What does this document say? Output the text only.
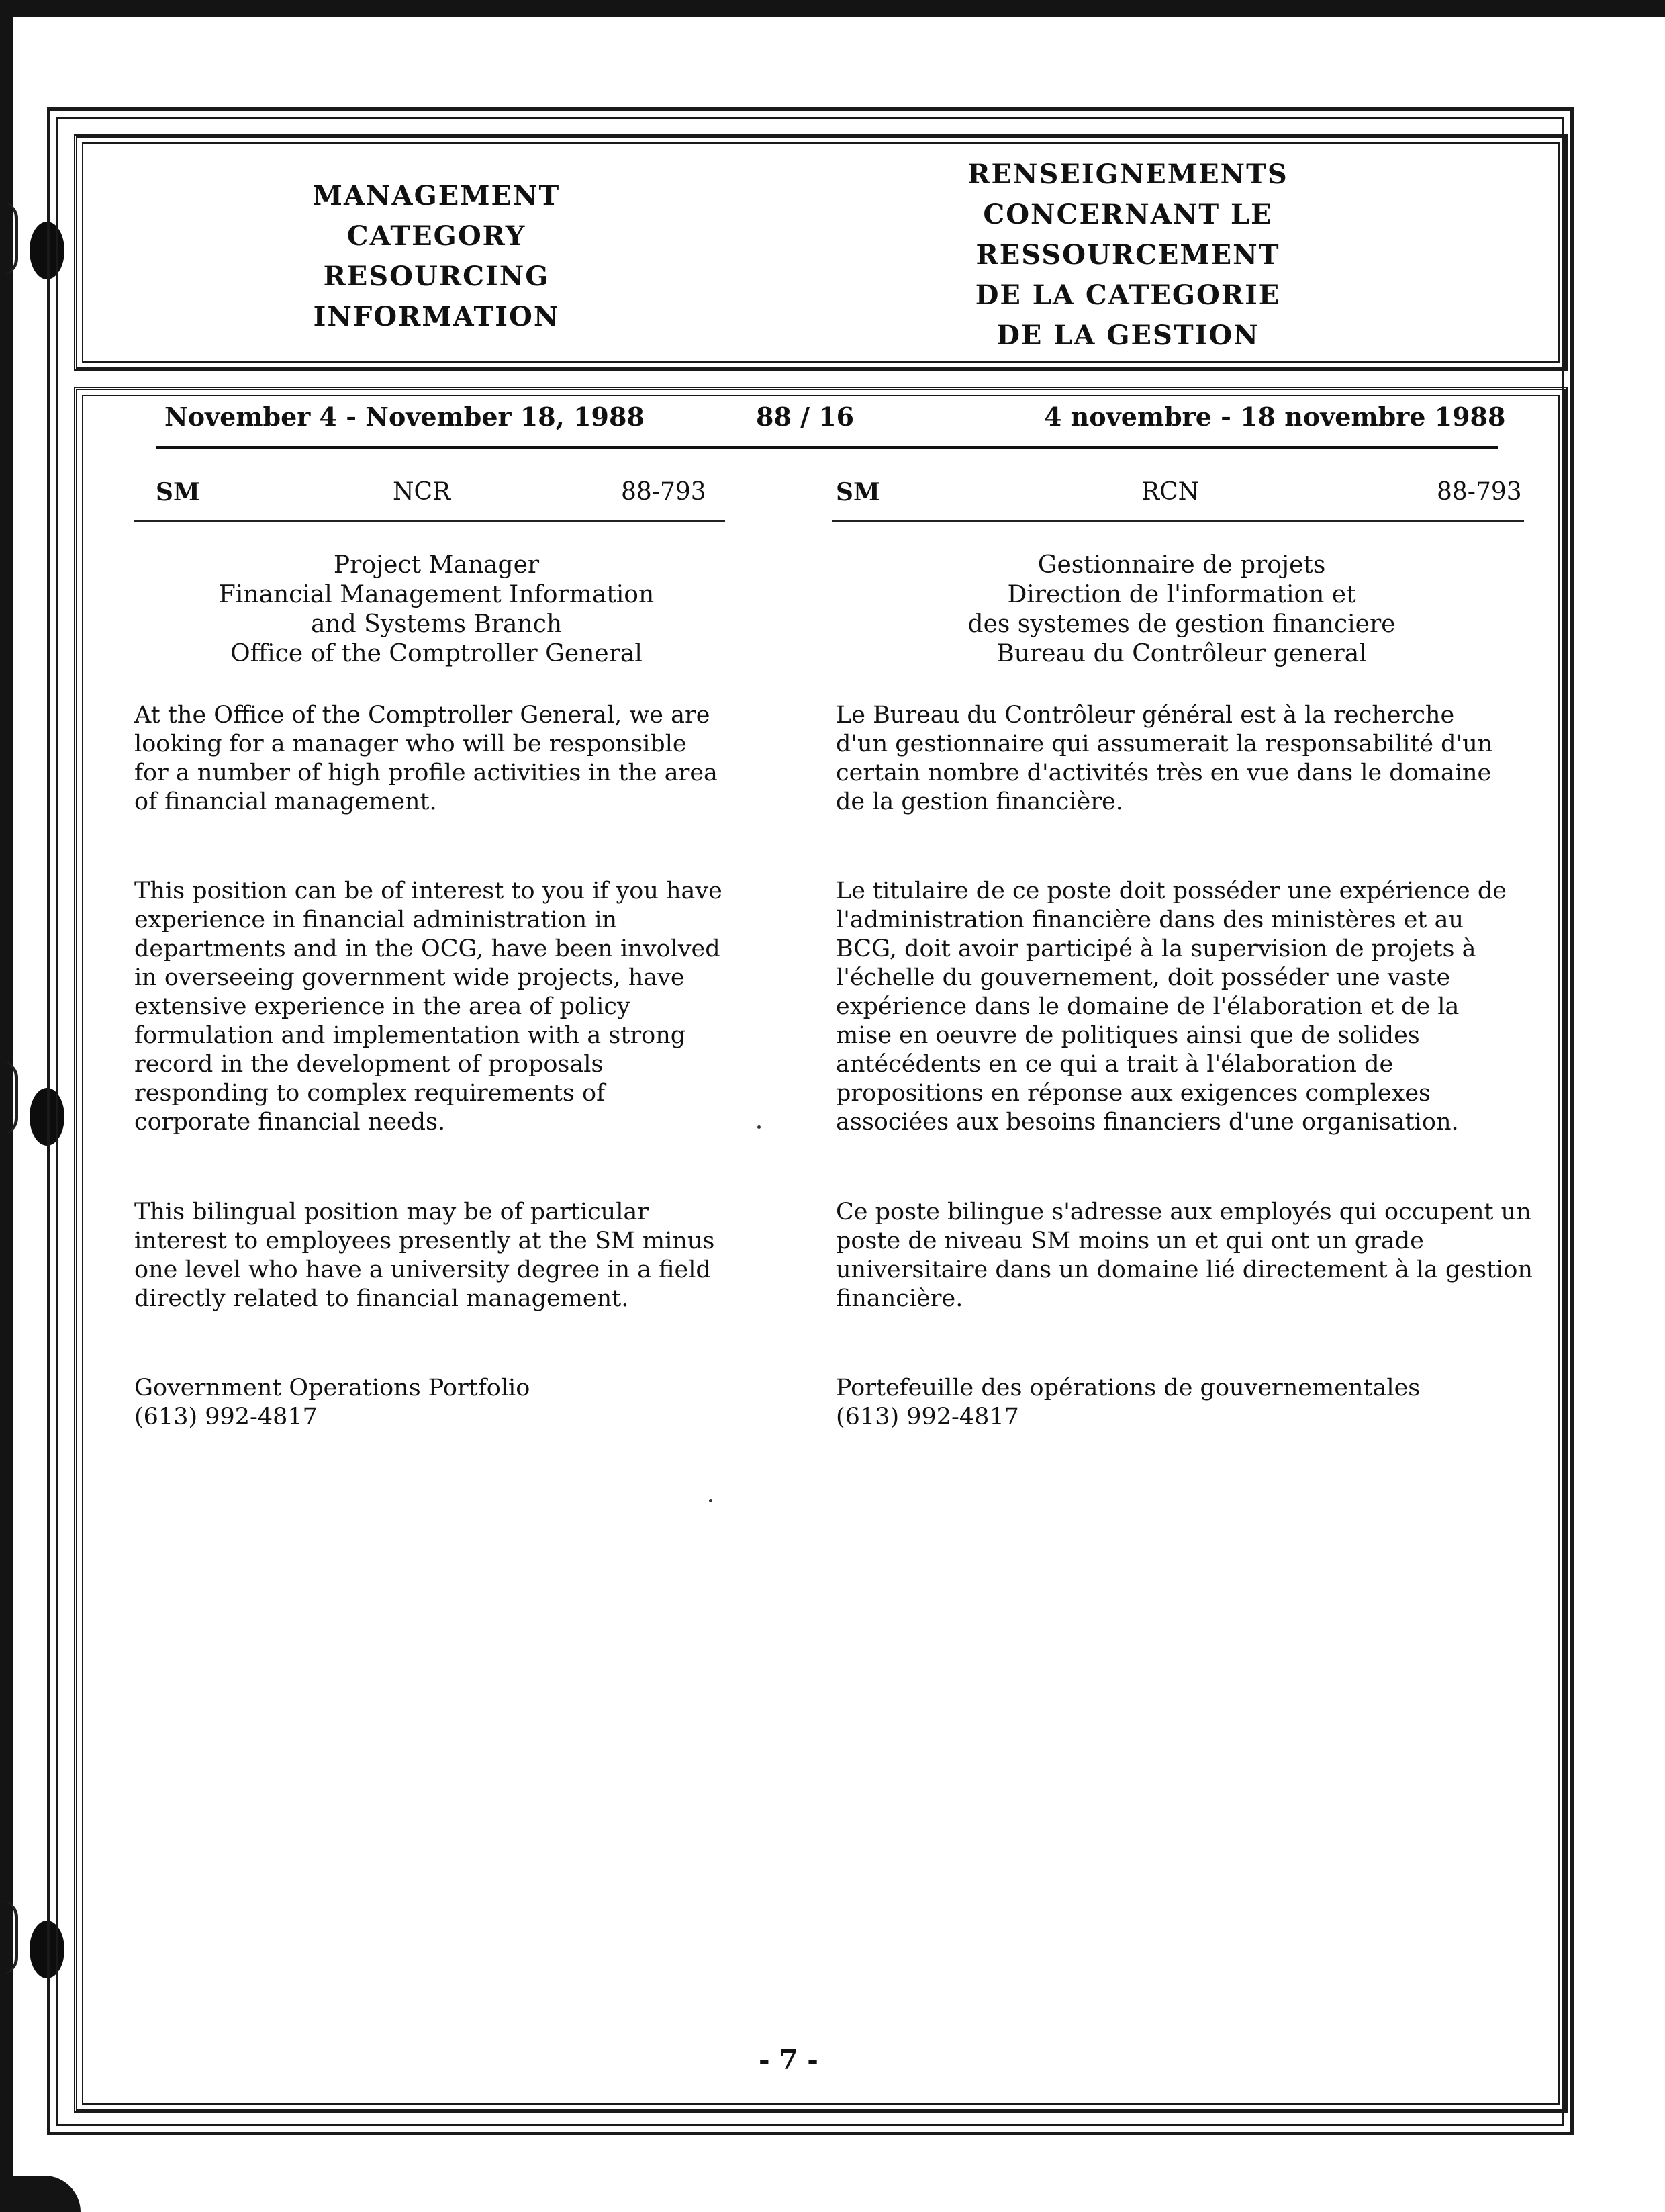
MANAGEMENT
CATEGORY
RESOURCING
INFORMATION
RENSEIGNEMENTS
CONCERNANT LE
RESSOURCEMENT
DE LA CATEGORIE
DE LA GESTION
November 4 - November 18, 1988	88 / 16	4 novembre - 18 novembre 1988
SM	NCR	88-793
Project Manager
Financial Management Information
and Systems Branch
Office of the Comptroller General
At the Office of the Comptroller General, we are looking for a manager who will be responsible for a number of high profile activities in the area of financial management.
This position can be of interest to you if you have experience in financial administration in departments and in the OCG, have been involved in overseeing government wide projects, have extensive experience in the area of policy formulation and implementation with a strong record in the development of proposals responding to complex requirements of corporate financial needs.
This bilingual position may be of particular interest to employees presently at the SM minus one level who have a university degree in a field directly related to financial management.
Government Operations Portfolio
(613) 992-4817
SM	RCN	88-793
Gestionnaire de projets
Direction de l'information et
des systemes de gestion financiere
Bureau du Contrôleur general
Le Bureau du Contrôleur général est à la recherche d'un gestionnaire qui assumerait la responsabilité d'un certain nombre d'activités très en vue dans le domaine de la gestion financière.
Le titulaire de ce poste doit posséder une expérience de l'administration financière dans des ministères et au BCG, doit avoir participé à la supervision de projets à l'échelle du gouvernement, doit posséder une vaste expérience dans le domaine de l'élaboration et de la mise en oeuvre de politiques ainsi que de solides antécédents en ce qui a trait à l'élaboration de propositions en réponse aux exigences complexes associées aux besoins financiers d'une organisation.
Ce poste bilingue s'adresse aux employés qui occupent un poste de niveau SM moins un et qui ont un grade universitaire dans un domaine lié directement à la gestion financière.
Portefeuille des opérations de gouvernementales
(613) 992-4817
- 7 -
